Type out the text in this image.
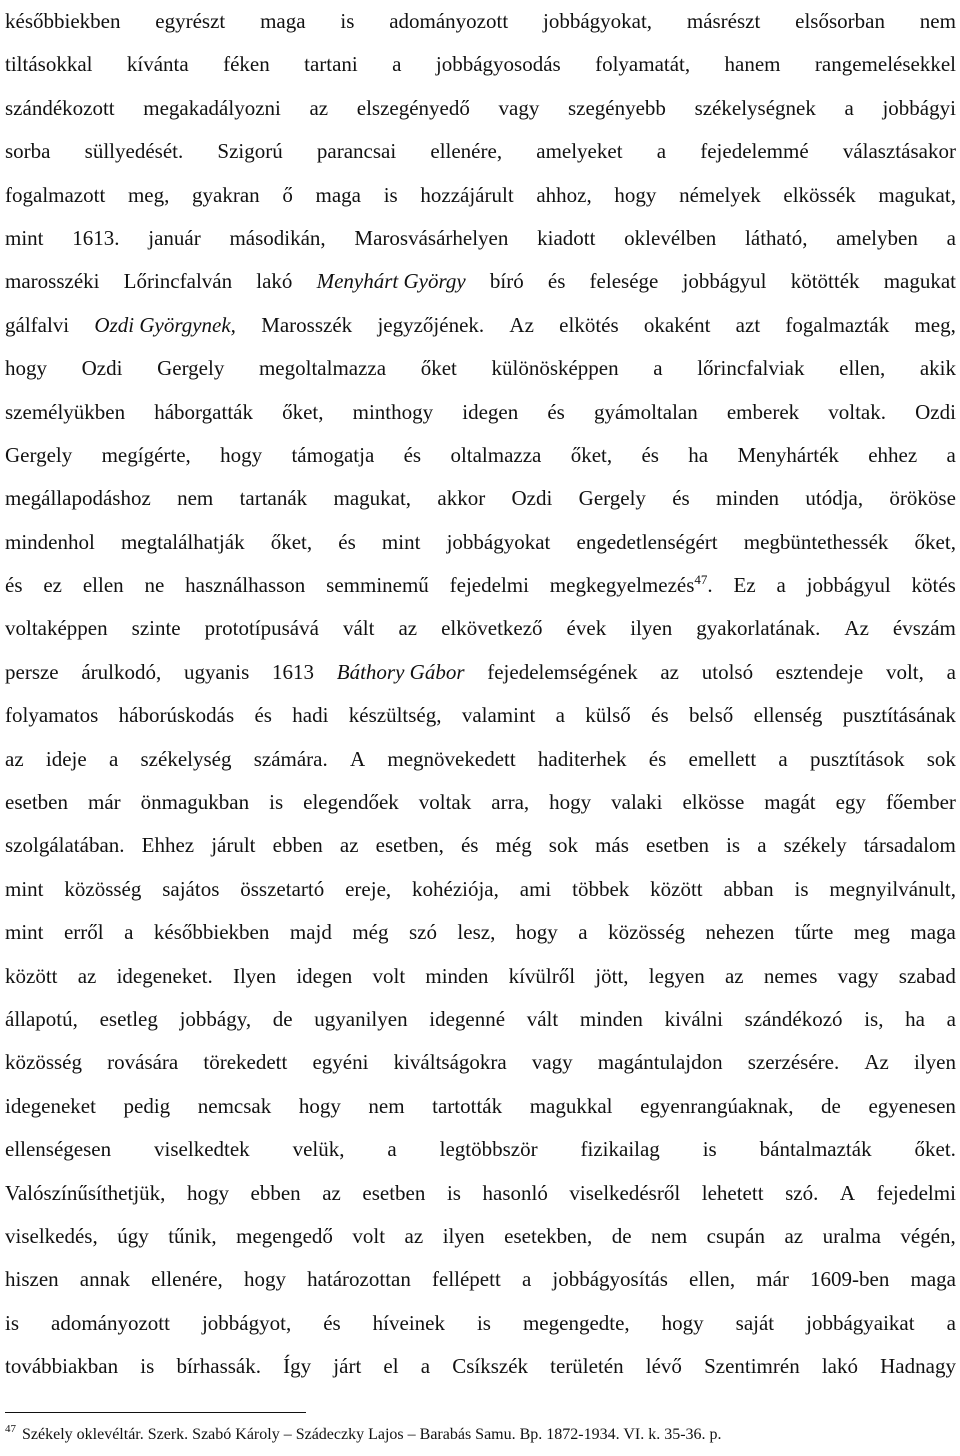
későbbiekben egyrészt maga is adományozott jobbágyokat, másrészt elsősorban nem
tiltásokkal kívánta féken tartani a jobbágyosodás folyamatát, hanem rangemelésekkel
szándékozott megakadályozni az elszegényedő vagy szegényebb székelységnek a jobbágyi
sorba süllyedését. Szigorú parancsai ellenére, amelyeket a fejedelemmé választásakor
fogalmazott meg, gyakran ő maga is hozzájárult ahhoz, hogy némelyek elkössék magukat,
mint 1613. január másodikán, Marosvásárhelyen kiadott oklevélben látható, amelyben a
marosszéki Lőrincfalván lakó Menyhárt György bíró és felesége jobbágyul kötötték magukat
gálfalvi Ozdi Györgynek, Marosszék jegyzőjének. Az elkötés okaként azt fogalmazták meg,
hogy Ozdi Gergely megoltalmazza őket különösképpen a lőrincfalviak ellen, akik
személyükben háborgatták őket, minthogy idegen és gyámoltalan emberek voltak. Ozdi
Gergely megígérte, hogy támogatja és oltalmazza őket, és ha Menyhárték ehhez a
megállapodáshoz nem tartanák magukat, akkor Ozdi Gergely és minden utódja, örököse
mindenhol megtalálhatják őket, és mint jobbágyokat engedetlenségért megbüntethessék őket,
és ez ellen ne használhasson semminemű fejedelmi megkegyelmezés$^{47}$. Ez a jobbágyul kötés
voltaképpen szinte prototípusává vált az elkövetkező évek ilyen gyakorlatának. Az évszám
persze árulkodó, ugyanis 1613 Báthory Gábor fejedelemségének az utolsó esztendeje volt, a
folyamatos háborúskodás és hadi készültség, valamint a külső és belső ellenség pusztításának
az ideje a székelység számára. A megnövekedett haditerhek és emellett a pusztítások sok
esetben már önmagukban is elegendőek voltak arra, hogy valaki elkösse magát egy főember
szolgálatában. Ehhez járult ebben az esetben, és még sok más esetben is a székely társadalom
mint közösség sajátos összetartó ereje, kohéziója, ami többek között abban is megnyilvánult,
mint erről a későbbiekben majd még szó lesz, hogy a közösség nehezen tűrte meg maga
között az idegeneket. Ilyen idegen volt minden kívülről jött, legyen az nemes vagy szabad
állapotú, esetleg jobbágy, de ugyanilyen idegenné vált minden kiválni szándékozó is, ha a
közösség rovására törekedett egyéni kiváltságokra vagy magántulajdon szerzésére. Az ilyen
idegeneket pedig nemcsak hogy nem tartották magukkal egyenrangúaknak, de egyenesen
ellenségesen viselkedtek velük, a legtöbbször fizikailag is bántalmazták őket.
Valószínűsíthetjük, hogy ebben az esetben is hasonló viselkedésről lehetett szó. A fejedelmi
viselkedés, úgy tűnik, megengedő volt az ilyen esetekben, de nem csupán az uralma végén,
hiszen annak ellenére, hogy határozottan fellépett a jobbágyosítás ellen, már 1609-ben maga
is adományozott jobbágyot, és híveinek is megengedte, hogy saját jobbágyaikat a
továbbiakban is bírhassák. Így járt el a Csíkszék területén lévő Szentimrén lakó Hadnagy
$^{47}$ Székely oklevéltár. Szerk. Szabó Károly – Szádeczky Lajos – Barabás Samu. Bp. 1872-1934. VI. k. 35-36. p.
